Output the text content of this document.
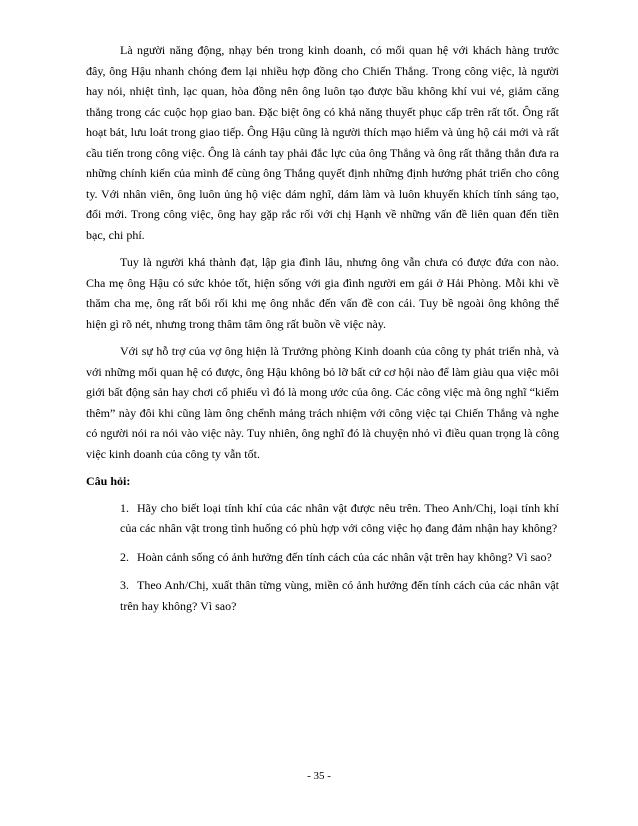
Là người năng động, nhạy bén trong kinh doanh, có mối quan hệ với khách hàng trước đây, ông Hậu nhanh chóng đem lại nhiều hợp đồng cho Chiến Thắng. Trong công việc, là người hay nói, nhiệt tình, lạc quan, hòa đồng nên ông luôn tạo được bầu không khí vui vẻ, giảm căng thẳng trong các cuộc họp giao ban. Đặc biệt ông có khả năng thuyết phục cấp trên rất tốt. Ông rất hoạt bát, lưu loát trong giao tiếp. Ông Hậu cũng là người thích mạo hiểm và ủng hộ cái mới và rất cầu tiến trong công việc. Ông là cánh tay phải đắc lực của ông Thắng và ông rất thẳng thắn đưa ra những chính kiến của mình để cùng ông Thắng quyết định những định hướng phát triển cho công ty. Với nhân viên, ông luôn ủng hộ việc dám nghĩ, dám làm và luôn khuyến khích tính sáng tạo, đổi mới. Trong công việc, ông hay gặp rắc rối với chị Hạnh về những vấn đề liên quan đến tiền bạc, chi phí.

Tuy là người khá thành đạt, lập gia đình lâu, nhưng ông vẫn chưa có được đứa con nào. Cha mẹ ông Hậu có sức khỏe tốt, hiện sống với gia đình người em gái ở Hải Phòng. Mỗi khi về thăm cha mẹ, ông rất bối rối khi mẹ ông nhắc đến vấn đề con cái. Tuy bề ngoài ông không thể hiện gì rõ nét, nhưng trong thâm tâm ông rất buồn về việc này.

Với sự hỗ trợ của vợ ông hiện là Trưởng phòng Kinh doanh của công ty phát triển nhà, và với những mối quan hệ có được, ông Hậu không bỏ lỡ bất cứ cơ hội nào để làm giàu qua việc môi giới bất động sản hay chơi cổ phiếu vì đó là mong ước của ông. Các công việc mà ông nghĩ “kiếm thêm” này đôi khi cũng làm ông chểnh mảng trách nhiệm với công việc tại Chiến Thắng và nghe có người nói ra nói vào việc này. Tuy nhiên, ông nghĩ đó là chuyện nhỏ vì điều quan trọng là công việc kinh doanh của công ty vẫn tốt.

Câu hỏi:
1. Hãy cho biết loại tính khí của các nhân vật được nêu trên. Theo Anh/Chị, loại tính khí của các nhân vật trong tình huống có phù hợp với công việc họ đang đảm nhận hay không?
2. Hoàn cảnh sống có ảnh hưởng đến tính cách của các nhân vật trên hay không? Vì sao?
3. Theo Anh/Chị, xuất thân từng vùng, miền có ảnh hưởng đến tính cách của các nhân vật trên hay không? Vì sao?
- 35 -
